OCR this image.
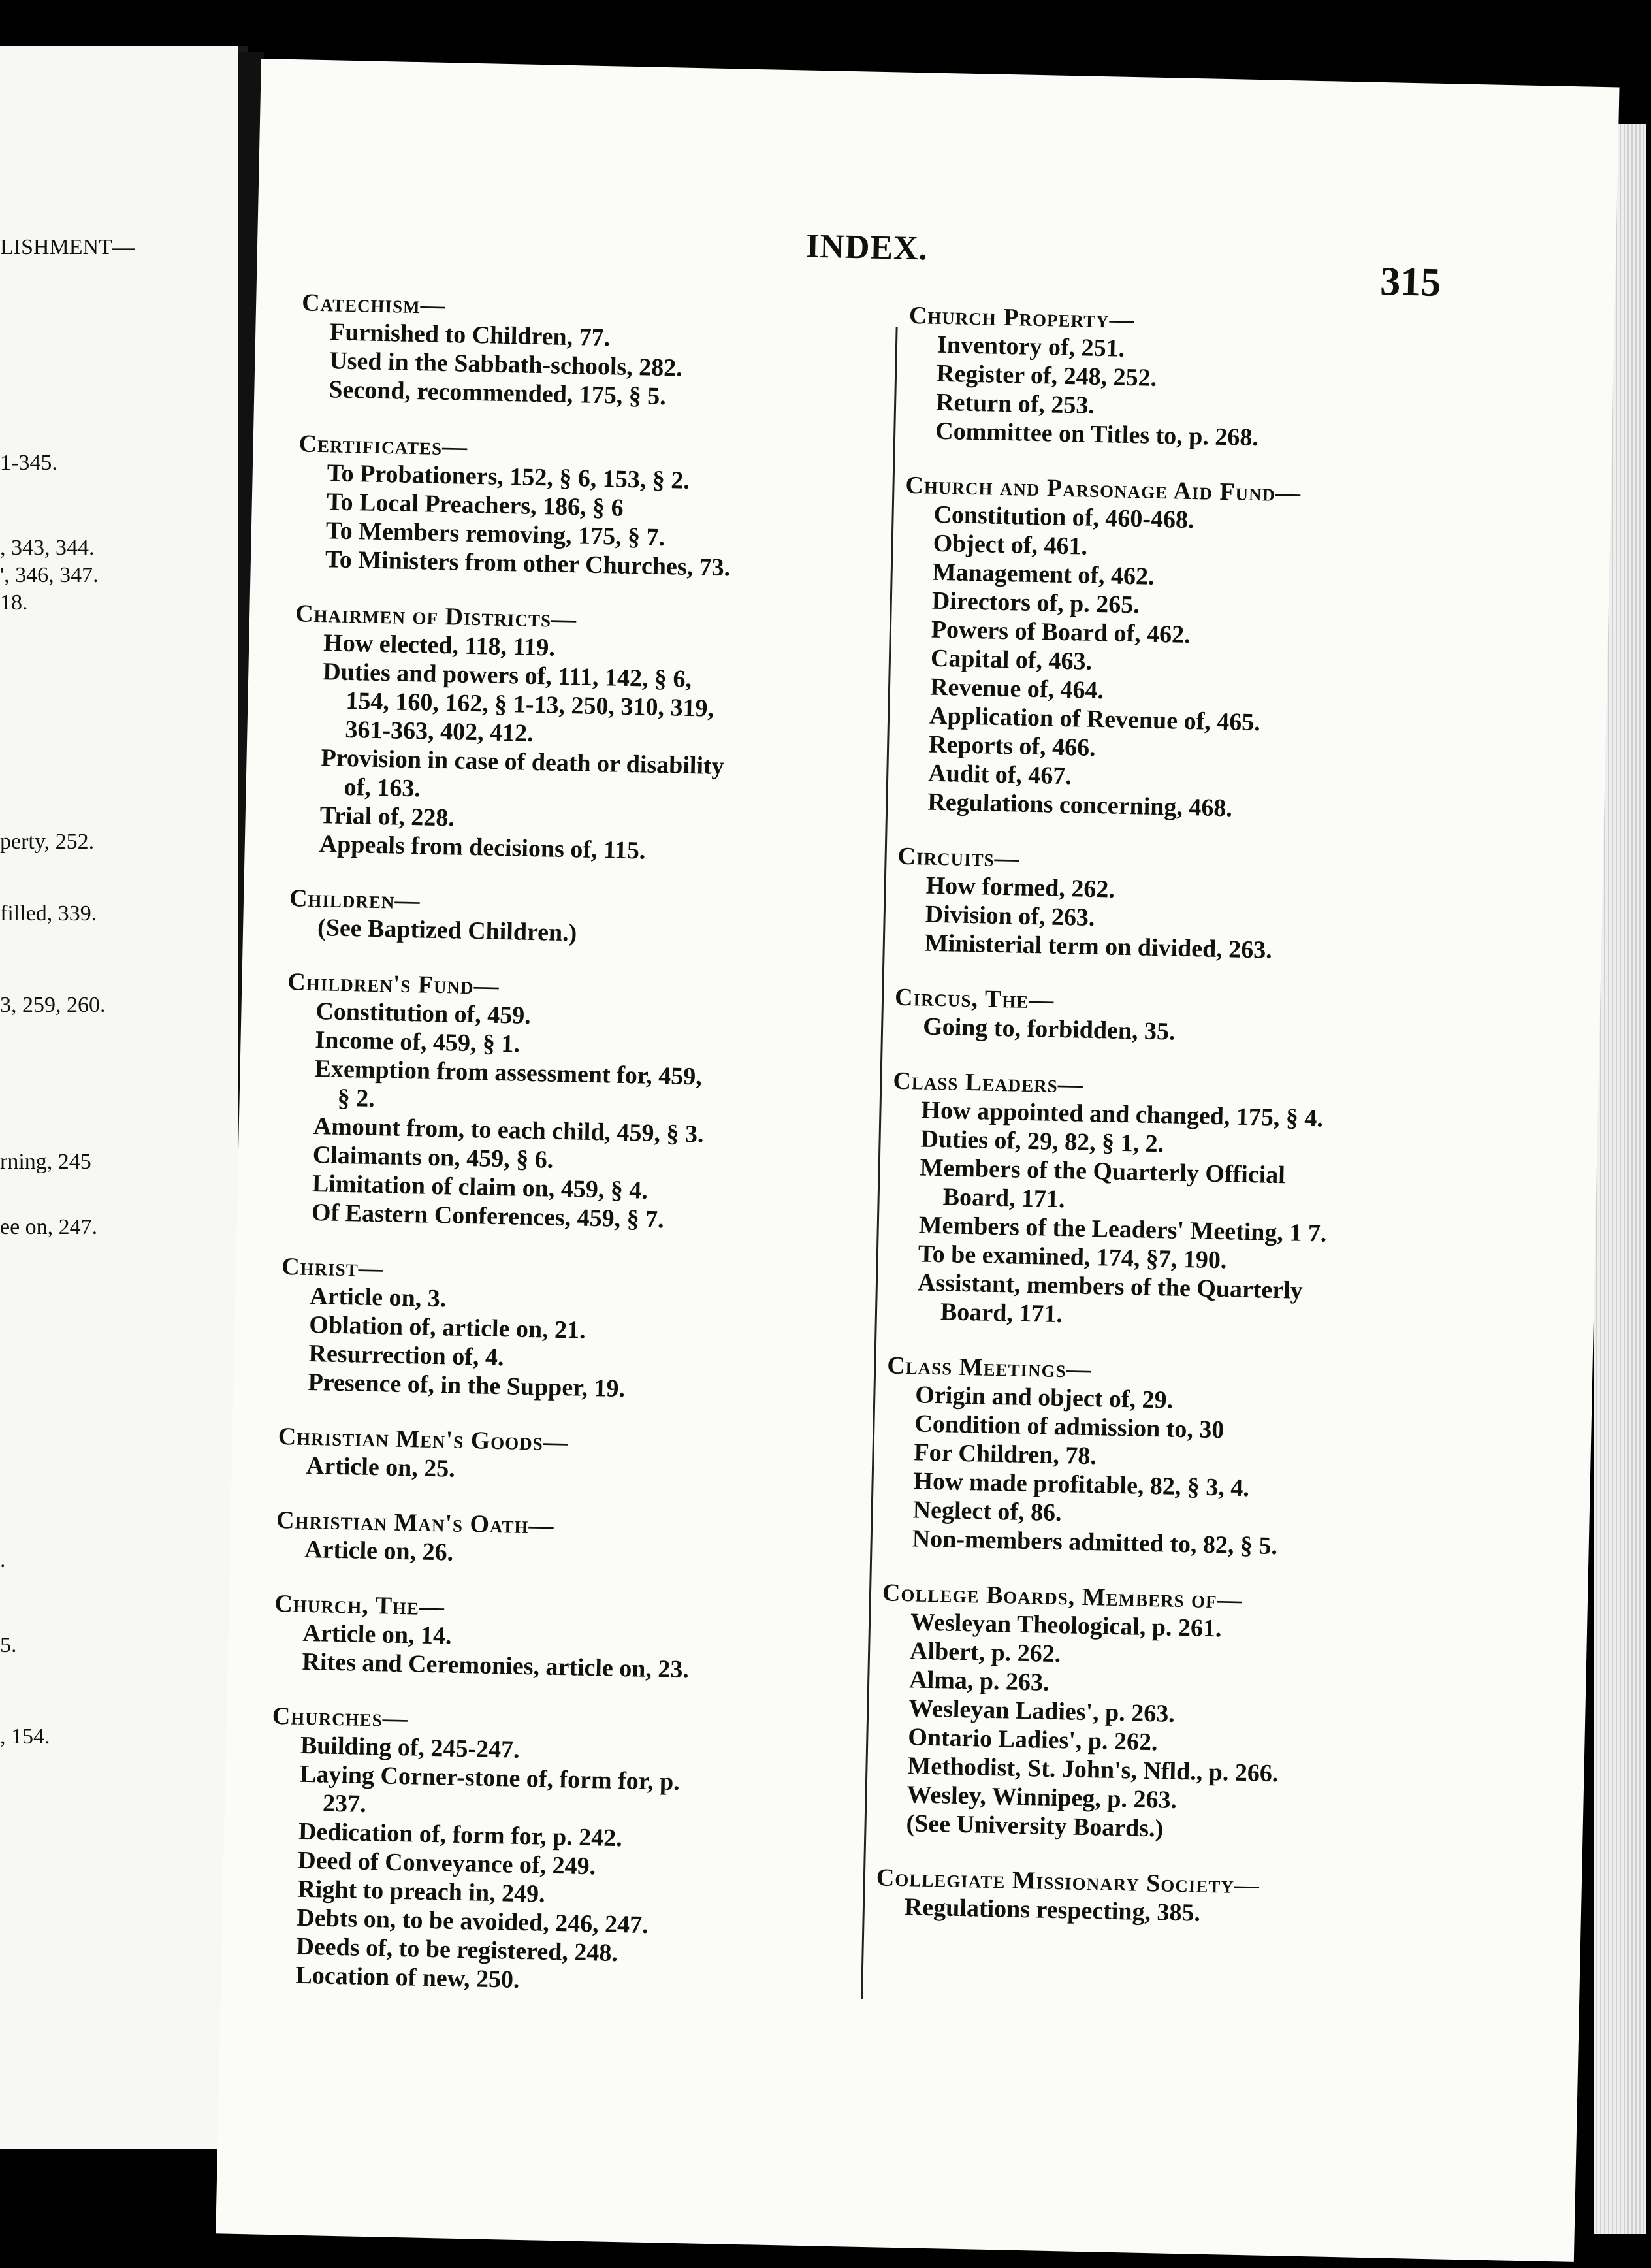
LISHMENT—
1-345.
, 343, 344.
', 346, 347.
18.
perty, 252.
filled, 339.
3, 259, 260.
rning, 245
ee on, 247.
.
5.
, 154.
INDEX.
315
Catechism—
Furnished to Children, 77.
Used in the Sabbath-schools, 282.
Second, recommended, 175, § 5.
Certificates—
To Probationers, 152, § 6, 153, § 2.
To Local Preachers, 186, § 6
To Members removing, 175, § 7.
To Ministers from other Churches, 73.
Chairmen of Districts—
How elected, 118, 119.
Duties and powers of, 111, 142, § 6,

154, 160, 162, § 1-13, 250, 310, 319,
361-363, 402, 412.
Provision in case of death or disability

of, 163.
Trial of, 228.
Appeals from decisions of, 115.
Children—
(See Baptized Children.)
Children's Fund—
Constitution of, 459.
Income of, 459, § 1.
Exemption from assessment for, 459,

§ 2.
Amount from, to each child, 459, § 3.
Claimants on, 459, § 6.
Limitation of claim on, 459, § 4.
Of Eastern Conferences, 459, § 7.
Christ—
Article on, 3.
Oblation of, article on, 21.
Resurrection of, 4.
Presence of, in the Supper, 19.
Christian Men's Goods—
Article on, 25.
Christian Man's Oath—
Article on, 26.
Church, The—
Article on, 14.
Rites and Ceremonies, article on, 23.
Churches—
Building of, 245-247.
Laying Corner-stone of, form for, p.

237.
Dedication of, form for, p. 242.
Deed of Conveyance of, 249.
Right to preach in, 249.
Debts on, to be avoided, 246, 247.
Deeds of, to be registered, 248.
Location of new, 250.
Church Property—
Inventory of, 251.
Register of, 248, 252.
Return of, 253.
Committee on Titles to, p. 268.
Church and Parsonage Aid Fund—
Constitution of, 460-468.
Object of, 461.
Management of, 462.
Directors of, p. 265.
Powers of Board of, 462.
Capital of, 463.
Revenue of, 464.
Application of Revenue of, 465.
Reports of, 466.
Audit of, 467.
Regulations concerning, 468.
Circuits—
How formed, 262.
Division of, 263.
Ministerial term on divided, 263.
Circus, The—
Going to, forbidden, 35.
Class Leaders—
How appointed and changed, 175, § 4.
Duties of, 29, 82, § 1, 2.
Members of the Quarterly Official

Board, 171.
Members of the Leaders' Meeting, 1 7.
To be examined, 174, §7, 190.
Assistant, members of the Quarterly

Board, 171.
Class Meetings—
Origin and object of, 29.
Condition of admission to, 30
For Children, 78.
How made profitable, 82, § 3, 4.
Neglect of, 86.
Non-members admitted to, 82, § 5.
College Boards, Members of—
Wesleyan Theological, p. 261.
Albert, p. 262.
Alma, p. 263.
Wesleyan Ladies', p. 263.
Ontario Ladies', p. 262.
Methodist, St. John's, Nfld., p. 266.
Wesley, Winnipeg, p. 263.
(See University Boards.)
Collegiate Missionary Society—
Regulations respecting, 385.
